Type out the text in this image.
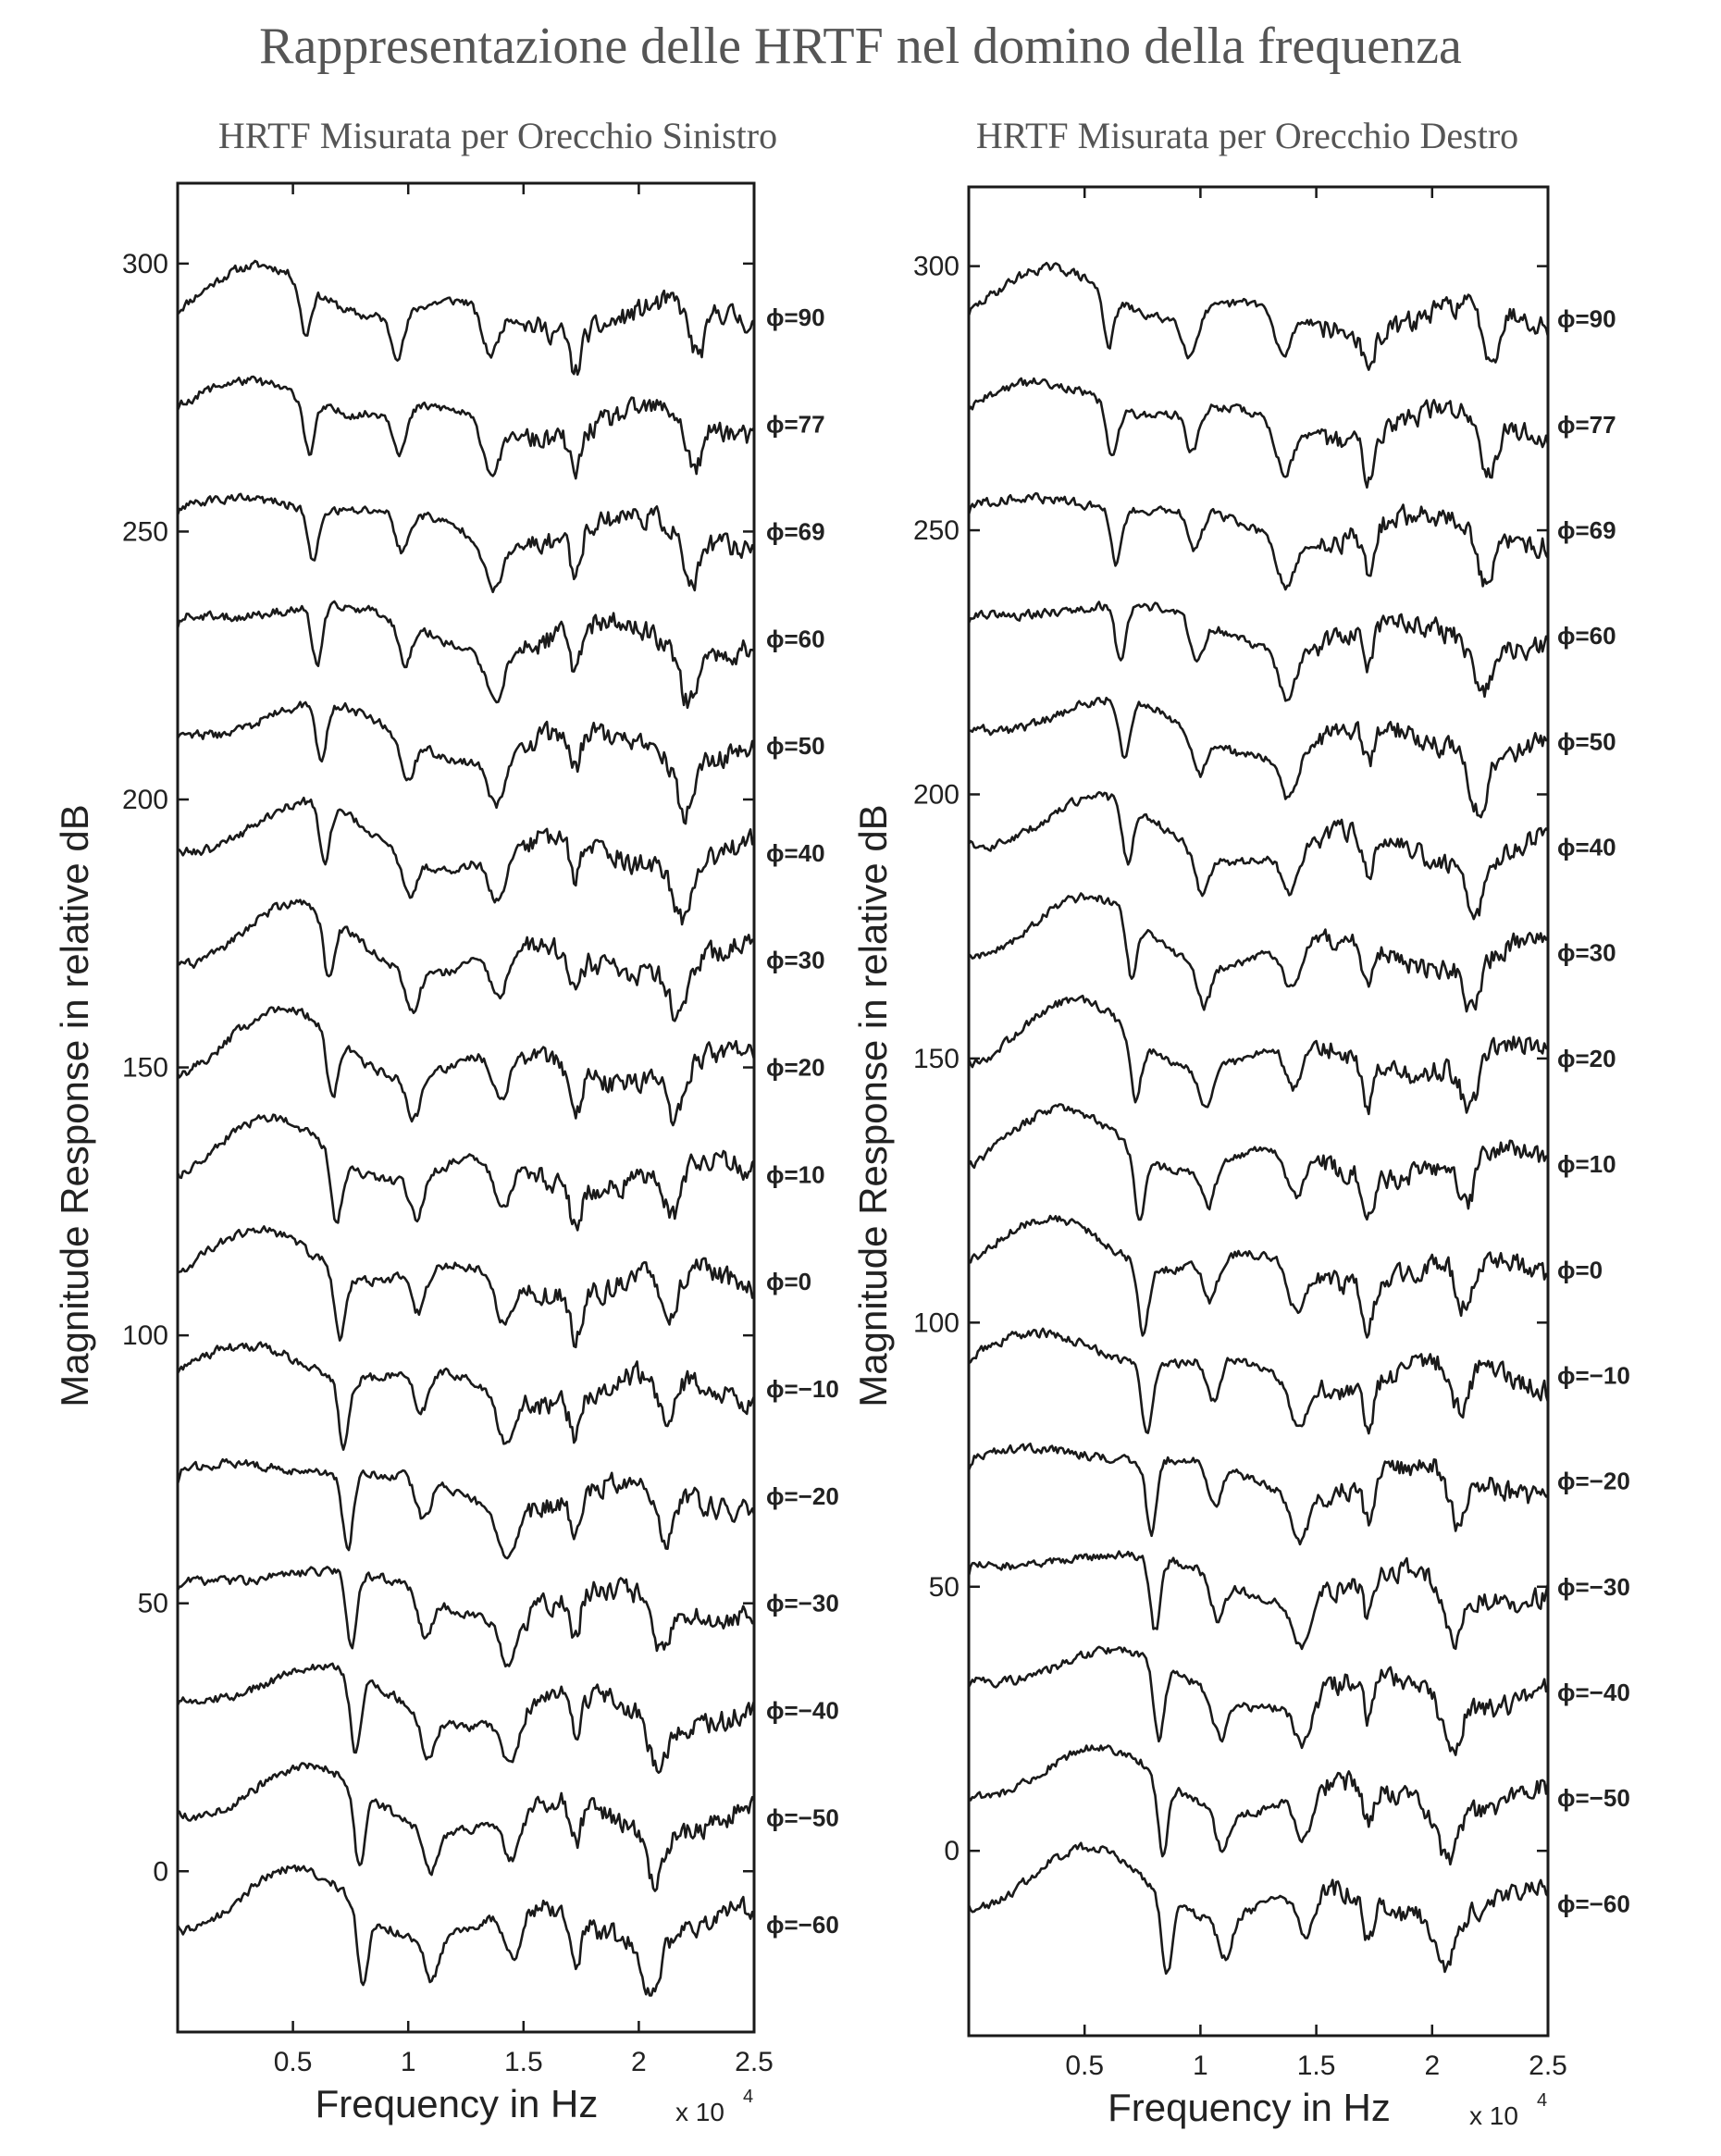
Rappresentazione delle HRTF nel domino della frequenza
HRTF Misurata per Orecchio Sinistro
0
50
100
150
200
250
300
0.5	1	1.5	2	2.5
Frequency in Hz	x 10
4
Magnitude Response in relative dB
ϕ=90
ϕ=77
ϕ=69
ϕ=60
ϕ=50
ϕ=40
ϕ=30
ϕ=20
ϕ=10
ϕ=0
ϕ=−10
ϕ=−20
ϕ=−30
ϕ=−40
ϕ=−50
ϕ=−60
HRTF Misurata per Orecchio Destro
0
50
100
150
200
250
300
0.5	1	1.5	2	2.5
Frequency in Hz	x 10
4
Magnitude Response in relative dB
ϕ=90
ϕ=77
ϕ=69
ϕ=60
ϕ=50
ϕ=40
ϕ=30
ϕ=20
ϕ=10
ϕ=0
ϕ=−10
ϕ=−20
ϕ=−30
ϕ=−40
ϕ=−50
ϕ=−60
